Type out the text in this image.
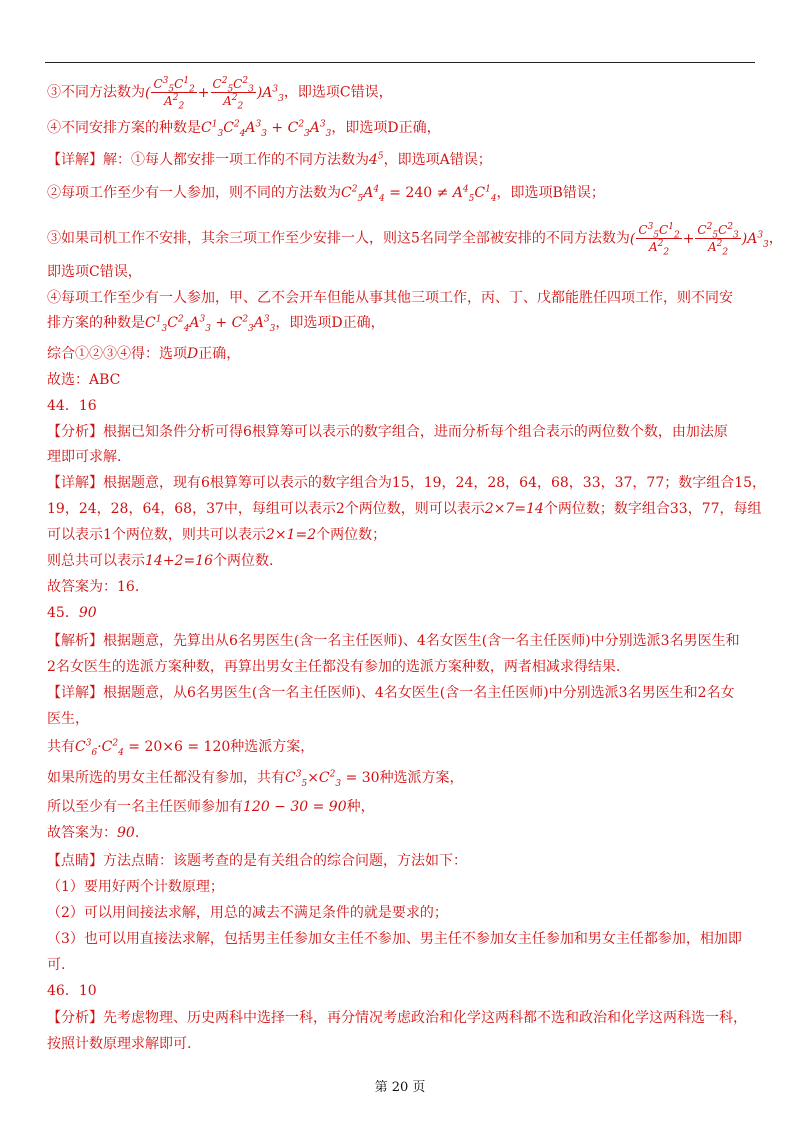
③不同方法数为( $\frac{C^3_5C^1_2}{A^2_2} + \frac{C^2_5C^2_3}{A^2_2} )A^3_3$，即选项C错误，
④不同安排方案的种数是$C^1_3C^2_4A^3_3 + C^2_3A^3_3$，即选项D正确，
【详解】解：①每人都安排一项工作的不同方法数为$4^5$，即选项A错误；
②每项工作至少有一人参加，则不同的方法数为$C^2_5A^4_4 = 240 \ne A^4_5C^1_4$，即选项B错误；
③如果司机工作不安排，其余三项工作至少安排一人，则这5名同学全部被安排的不同方法数为( $\frac{C^3_5C^1_2}{A^2_2} + \frac{C^2_5C^2_3}{A^2_2} )A^3_3$，
即选项C错误，
④每项工作至少有一人参加，甲、乙不会开车但能从事其他三项工作，丙、丁、戊都能胜任四项工作，则不同安
排方案的种数是$C^1_3C^2_4A^3_3 + C^2_3A^3_3$，即选项D正确，
综合①②③④得：选项D正确，
故选：ABC
44．16
【分析】根据已知条件分析可得6根算筹可以表示的数字组合，进而分析每个组合表示的两位数个数，由加法原
理即可求解.
【详解】根据题意，现有6根算筹可以表示的数字组合为15，19，24，28，64，68，33，37，77；数字组合15，
19，24，28，64，68，37中，每组可以表示2个两位数，则可以表示2×7=14个两位数；数字组合33，77，每组
可以表示1个两位数，则共可以表示2×1=2个两位数；
则总共可以表示14+2=16个两位数.
故答案为：16.
45．90
【解析】根据题意，先算出从6名男医生(含一名主任医师)、4名女医生(含一名主任医师)中分别选派3名男医生和
2名女医生的选派方案种数，再算出男女主任都没有参加的选派方案种数，两者相减求得结果.
【详解】根据题意，从6名男医生(含一名主任医师)、4名女医生(含一名主任医师)中分别选派3名男医生和2名女
医生，
共有$C^3_6\cdot C^2_4 = 20\times 6 = 120$种选派方案，
如果所选的男女主任都没有参加，共有$C^3_5\times C^2_3 = 30$种选派方案，
所以至少有一名主任医师参加有120 − 30 = 90种，
故答案为：90.
【点睛】方法点睛：该题考查的是有关组合的综合问题，方法如下：
（1）要用好两个计数原理；
（2）可以用间接法求解，用总的减去不满足条件的就是要求的；
（3）也可以用直接法求解，包括男主任参加女主任不参加、男主任不参加女主任参加和男女主任都参加，相加即
可.
46．10
【分析】先考虑物理、历史两科中选择一科，再分情况考虑政治和化学这两科都不选和政治和化学这两科选一科，
按照计数原理求解即可.
第 20 页
